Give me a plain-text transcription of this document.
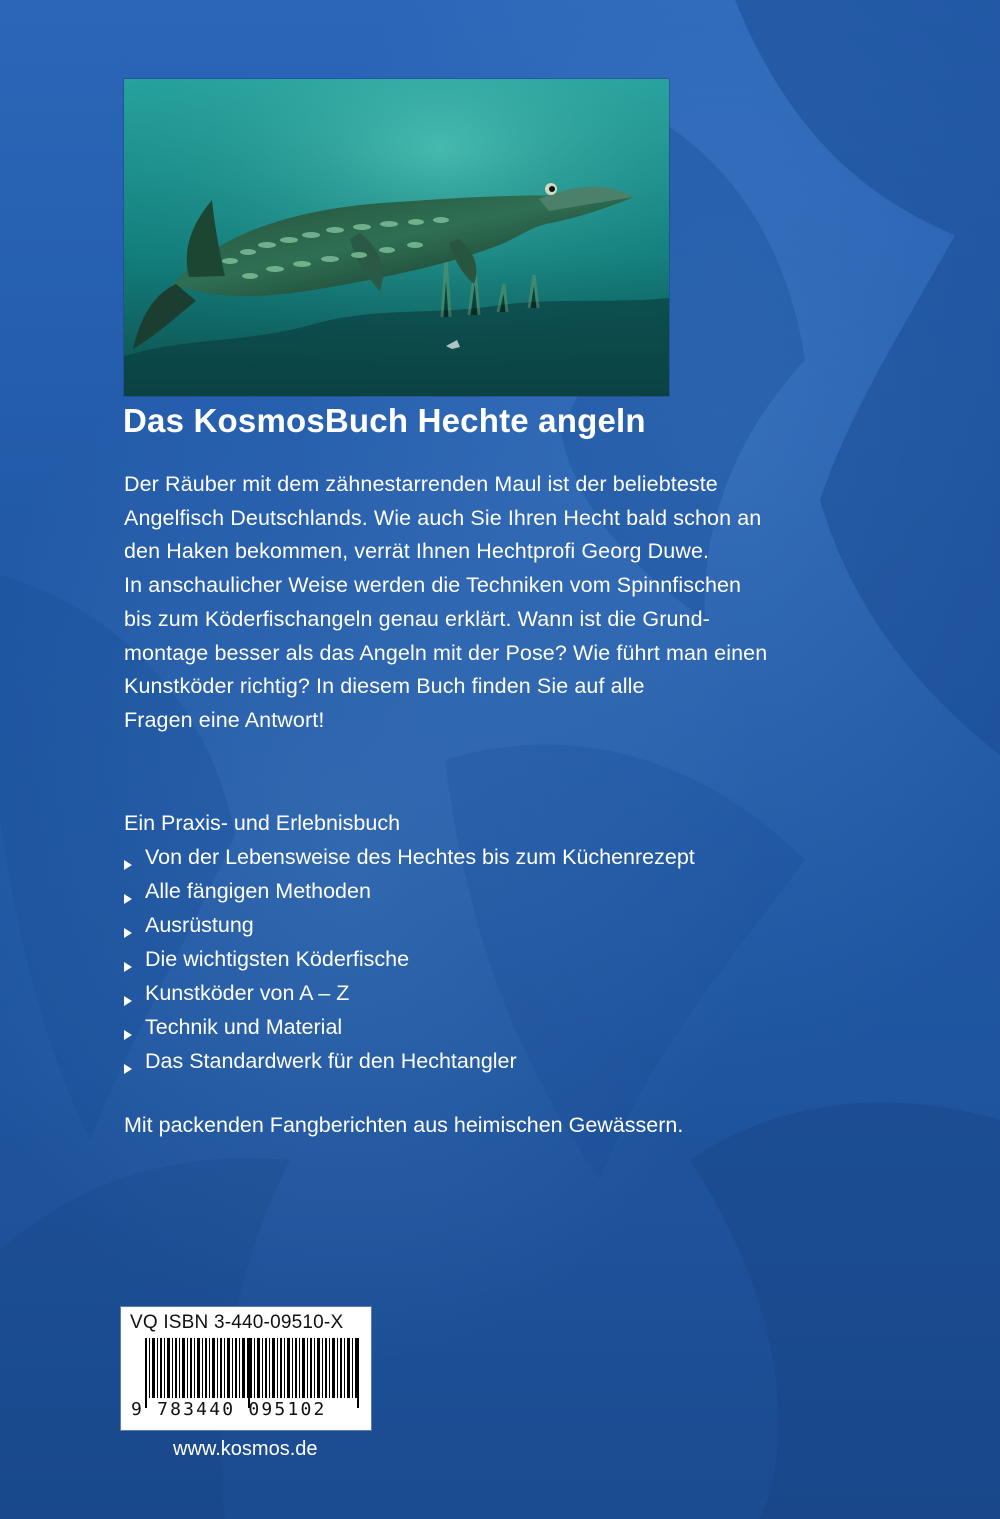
Das KosmosBuch Hechte angeln
Der Räuber mit dem zähnestarrenden Maul ist der beliebteste
Angelfisch Deutschlands. Wie auch Sie Ihren Hecht bald schon an
den Haken bekommen, verrät Ihnen Hechtprofi Georg Duwe.
In anschaulicher Weise werden die Techniken vom Spinnfischen
bis zum Köderfischangeln genau erklärt. Wann ist die Grund-
montage besser als das Angeln mit der Pose? Wie führt man einen
Kunstköder richtig? In diesem Buch finden Sie auf alle
Fragen eine Antwort!
Ein Praxis- und Erlebnisbuch
Von der Lebensweise des Hechtes bis zum Küchenrezept
Alle fängigen Methoden
Ausrüstung
Die wichtigsten Köderfische
Kunstköder von A – Z
Technik und Material
Das Standardwerk für den Hechtangler
Mit packenden Fangberichten aus heimischen Gewässern.
VQ ISBN 3-440-09510-X
9 783440 095102
www.kosmos.de
